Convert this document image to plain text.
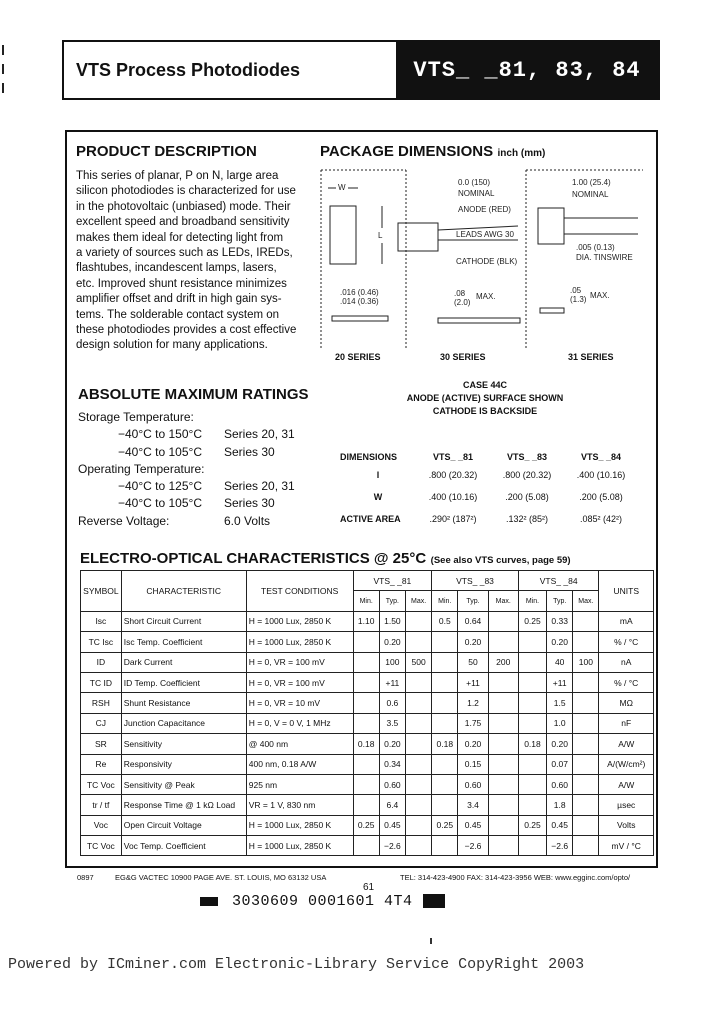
VTS Process Photodiodes	VTS_ _81, 83, 84
PRODUCT DESCRIPTION

This series of planar, P on N, large area

silicon photodiodes is characterized for use

in the photovoltaic (unbiased) mode. Their

excellent speed and broadband sensitivity

makes them ideal for detecting light from

a variety of sources such as LEDs, IREDs,

flashtubes, incandescent lamps, lasers,

etc. Improved shunt resistance minimizes

amplifier offset and drift in high gain sys-

tems. The solderable contact system on

these photodiodes provides a cost effective

design solution for many applications.

PACKAGE DIMENSIONS inch (mm)
W
L
.016 (0.46)
.014 (0.36)
0.0 (150)
NOMINAL
ANODE (RED)
LEADS AWG 30
CATHODE (BLK)
.08
(2.0)
MAX.
1.00 (25.4)
NOMINAL
.005 (0.13)
DIA. TINSWIRE
.05
(1.3) MAX.
20 SERIES	30 SERIES	31 SERIES
CASE 44C
ANODE (ACTIVE) SURFACE SHOWN
CATHODE IS BACKSIDE
DIMENSIONS	VTS_ _81	VTS_ _83	VTS_ _84
l	.800 (20.32)	.800 (20.32)	.400 (10.16)
W	.400 (10.16)	.200 (5.08)	.200 (5.08)
ACTIVE AREA	.290² (187²)	.132² (85²)	.085² (42²)
ABSOLUTE MAXIMUM RATINGS
Storage Temperature:
−40°C to 150°C Series 20, 31
−40°C to 105°C Series 30
Operating Temperature:
−40°C to 125°C Series 20, 31
−40°C to 105°C Series 30
Reverse Voltage:	6.0 Volts
ELECTRO-OPTICAL CHARACTERISTICS @ 25°C (See also VTS curves, page 59)
SYMBOL	CHARACTERISTIC	TEST CONDITIONS	VTS_ _81			VTS_ _83			VTS_ _84			UNITS
			Min.	Typ.	Max.	Min.	Typ.	Max.	Min.	Typ.	Max.	
Isc	Short Circuit Current	H = 1000 Lux, 2850 K	1.10	1.50		0.5	0.64		0.25	0.33		mA
TC Isc	Isc Temp. Coefficient	H = 1000 Lux, 2850 K		0.20			0.20			0.20		% / °C
ID	Dark Current	H = 0, VR = 100 mV		100	500		50	200		40	100	nA
TC ID	ID Temp. Coefficient	H = 0, VR = 100 mV		+11			+11			+11		% / °C
RSH	Shunt Resistance	H = 0, VR = 10 mV		0.6			1.2			1.5		MΩ
CJ	Junction Capacitance	H = 0, V = 0 V, 1 MHz		3.5			1.75			1.0		nF
SR	Sensitivity	@ 400 nm	0.18	0.20		0.18	0.20		0.18	0.20		A/W
Re	Responsivity	400 nm, 0.18 A/W		0.34			0.15			0.07		A/(W/cm²)
TC Voc	Sensitivity @ Peak	925 nm		0.60			0.60			0.60		A/W
tr / tf	Response Time @ 1 kΩ Load	VR = 1 V, 830 nm		6.4			3.4			1.8		µsec
Voc	Open Circuit Voltage	H = 1000 Lux, 2850 K	0.25	0.45		0.25	0.45		0.25	0.45		Volts
TC Voc	Voc Temp. Coefficient	H = 1000 Lux, 2850 K		−2.6			−2.6			−2.6		mV / °C
0897	EG&G VACTEC 10900 PAGE AVE. ST. LOUIS, MO 63132 USA	TEL: 314-423-4900 FAX: 314-423-3956 WEB: www.egginc.com/opto/
61
3030609 0001601 4T4
Powered by ICminer.com Electronic-Library Service CopyRight 2003
